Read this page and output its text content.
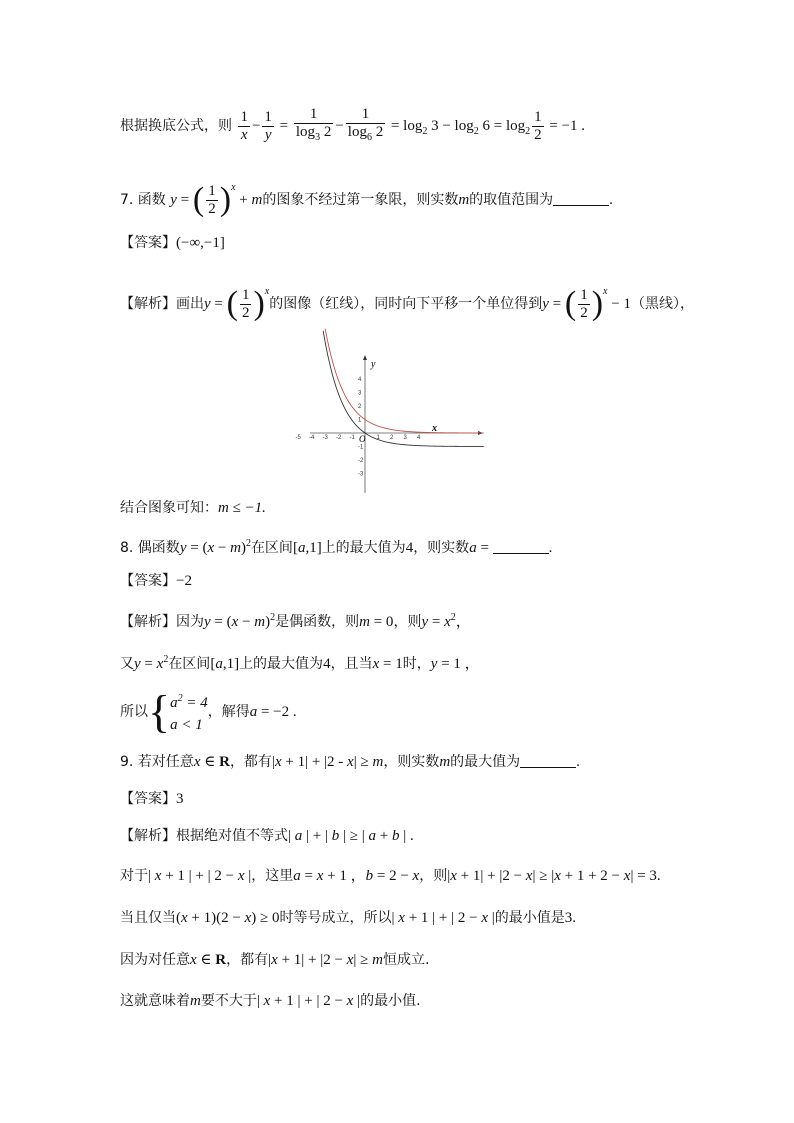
根据换底公式，则 $\frac{1}{x} - \frac{1}{y} = \frac{1}{\log_3 2} - \frac{1}{\log_6 2} = \log_2 3 - \log_2 6 = \log_2 \frac{1}{2} = -1$ .
7. 函数 y = ( $\frac{1}{2} )^x + m$的图象不经过第一象限，则实数m的取值范围为	.
【答案】(−∞,−1]
【解析】画出y = ( $\frac{1}{2} )^x$的图像（红线），同时向下平移一个单位得到y = ( $\frac{1}{2} )^x - 1$（黑线），
y
x
O
-5 -4 -3 -2 -1	1 2 3 4
4
3
2
1
-1
-2
-3
结合图象可知：m ≤ −1.
8. 偶函数$y = (x - m)^2$在区间[a,1]上的最大值为4，则实数a =	.
【答案】−2
【解析】因为$y = (x - m)^2$是偶函数，则m = 0，则$y = x^2$，
又$y = x^2$在区间[a,1]上的最大值为4，且当x = 1时，y = 1 ，
所以{ $a^2 = 4$
a < 1
，解得a = −2 .
9. 若对任意x ∈ R，都有|x + 1| + |2 - x| ≥ m，则实数m的最大值为	.
【答案】3
【解析】根据绝对值不等式| a | + | b | ≥ | a + b | .
对于| x + 1 | + | 2 − x |，这里a = x + 1 ，b = 2 − x，则|x + 1| + |2 − x| ≥ |x + 1 + 2 − x| = 3.
当且仅当(x + 1)(2 − x) ≥ 0时等号成立，所以| x + 1 | + | 2 − x |的最小值是3.
因为对任意x ∈ R，都有|x + 1| + |2 − x| ≥ m恒成立.
这就意味着m要不大于| x + 1 | + | 2 − x |的最小值.
